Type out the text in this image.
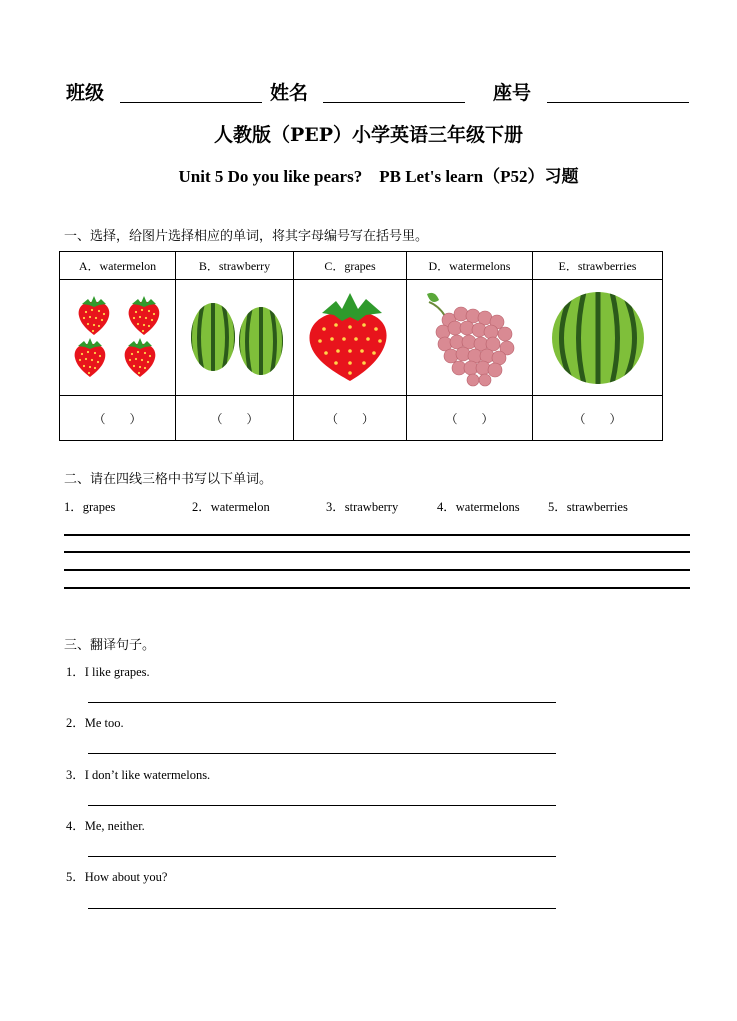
班级	姓名	座号
人教版（PEP）小学英语三年级下册
Unit 5 Do you like pears?　PB Let's learn（P52）习题
一、选择，给图片选择相应的单词，将其字母编号写在括号里。
A．watermelon	B．strawberry	C．grapes	D．watermelons	E．strawberries

（　　）	（　　）	（　　）	（　　）	（　　）
二、请在四线三格中书写以下单词。
1．grapes	2．watermelon	3．strawberry	4．watermelons 5．strawberries
三、翻译句子。
1．I like grapes.
2．Me too.
3．I don’t like watermelons.
4．Me, neither.
5．How about you?
